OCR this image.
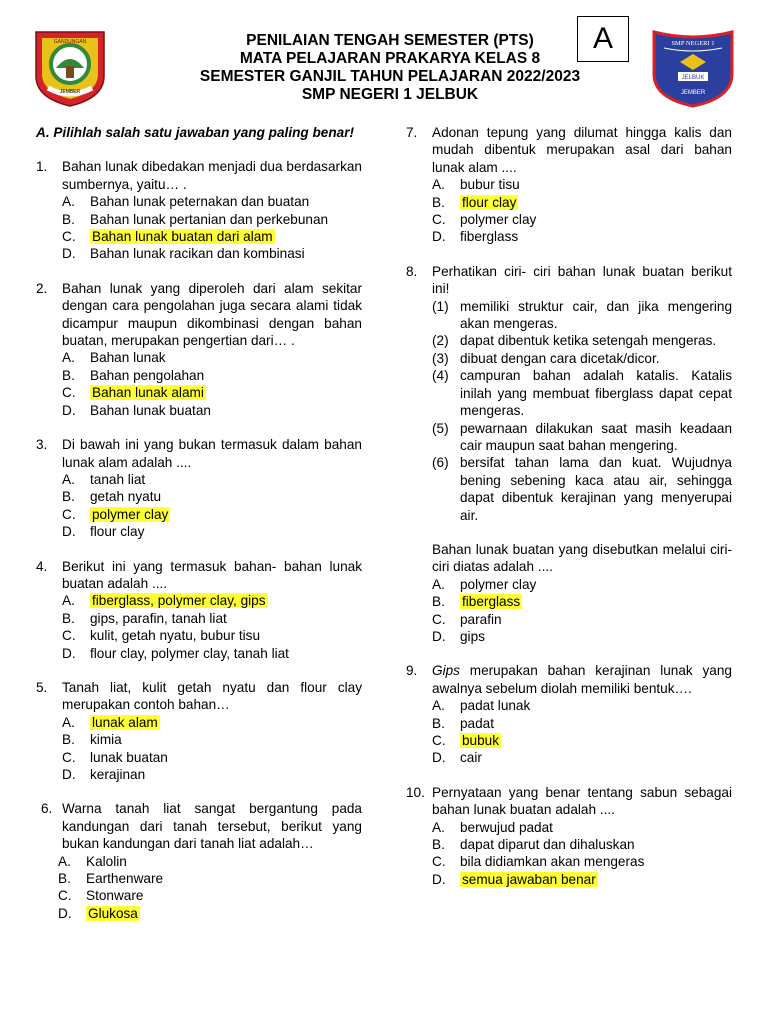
GANDUNGAN
JEMBER
PENILAIAN TENGAH SEMESTER (PTS)
MATA PELAJARAN PRAKARYA KELAS 8
SEMESTER GANJIL TAHUN PELAJARAN 2022/2023
SMP NEGERI 1 JELBUK
A	SMP NEGERI 1
JELBUK
JEMBER
A. Pilihlah salah satu jawaban yang paling benar!
1. Bahan lunak dibedakan menjadi dua berdasarkan sumbernya, yaitu… .
A. Bahan lunak peternakan dan buatan
B. Bahan lunak pertanian dan perkebunan
C. Bahan lunak buatan dari alam
D. Bahan lunak racikan dan kombinasi
2. Bahan lunak yang diperoleh dari alam sekitar dengan cara pengolahan juga secara alami tidak dicampur maupun dikombinasi dengan bahan buatan, merupakan pengertian dari… .
A. Bahan lunak
B. Bahan pengolahan
C. Bahan lunak alami
D. Bahan lunak buatan
3. Di bawah ini yang bukan termasuk dalam bahan lunak alam adalah ....
A. tanah liat
B. getah nyatu
C. polymer clay
D. flour clay
4. Berikut ini yang termasuk bahan- bahan lunak buatan adalah ....
A. fiberglass, polymer clay, gips
B. gips, parafin, tanah liat
C. kulit, getah nyatu, bubur tisu
D. flour clay, polymer clay, tanah liat
5. Tanah liat, kulit getah nyatu dan flour clay merupakan contoh bahan…
A. lunak alam
B. kimia
C. lunak buatan
D. kerajinan
6. Warna tanah liat sangat bergantung pada kandungan dari tanah tersebut, berikut yang bukan kandungan dari tanah liat adalah…
A. Kalolin
B. Earthenware
C. Stonware
D. Glukosa
7. Adonan tepung yang dilumat hingga kalis dan mudah dibentuk merupakan asal dari bahan lunak alam ....
A. bubur tisu
B. flour clay
C. polymer clay
D. fiberglass
8. Perhatikan ciri- ciri bahan lunak buatan berikut ini!
(1) memiliki struktur cair, dan jika mengering akan mengeras.
(2) dapat dibentuk ketika setengah mengeras.
(3) dibuat dengan cara dicetak/dicor.
(4) campuran bahan adalah katalis. Katalis inilah yang membuat fiberglass dapat cepat mengeras.
(5) pewarnaan dilakukan saat masih keadaan cair maupun saat bahan mengering.
(6) bersifat tahan lama dan kuat. Wujudnya bening sebening kaca atau air, sehingga dapat dibentuk kerajinan yang menyerupai air.
Bahan lunak buatan yang disebutkan melalui ciri- ciri diatas adalah ....
A. polymer clay
B. fiberglass
C. parafin
D. gips
9. Gips merupakan bahan kerajinan lunak yang awalnya sebelum diolah memiliki bentuk….
A. padat lunak
B. padat
C. bubuk
D. cair
10. Pernyataan yang benar tentang sabun sebagai bahan lunak buatan adalah ....
A. berwujud padat
B. dapat diparut dan dihaluskan
C. bila didiamkan akan mengeras
D. semua jawaban benar
